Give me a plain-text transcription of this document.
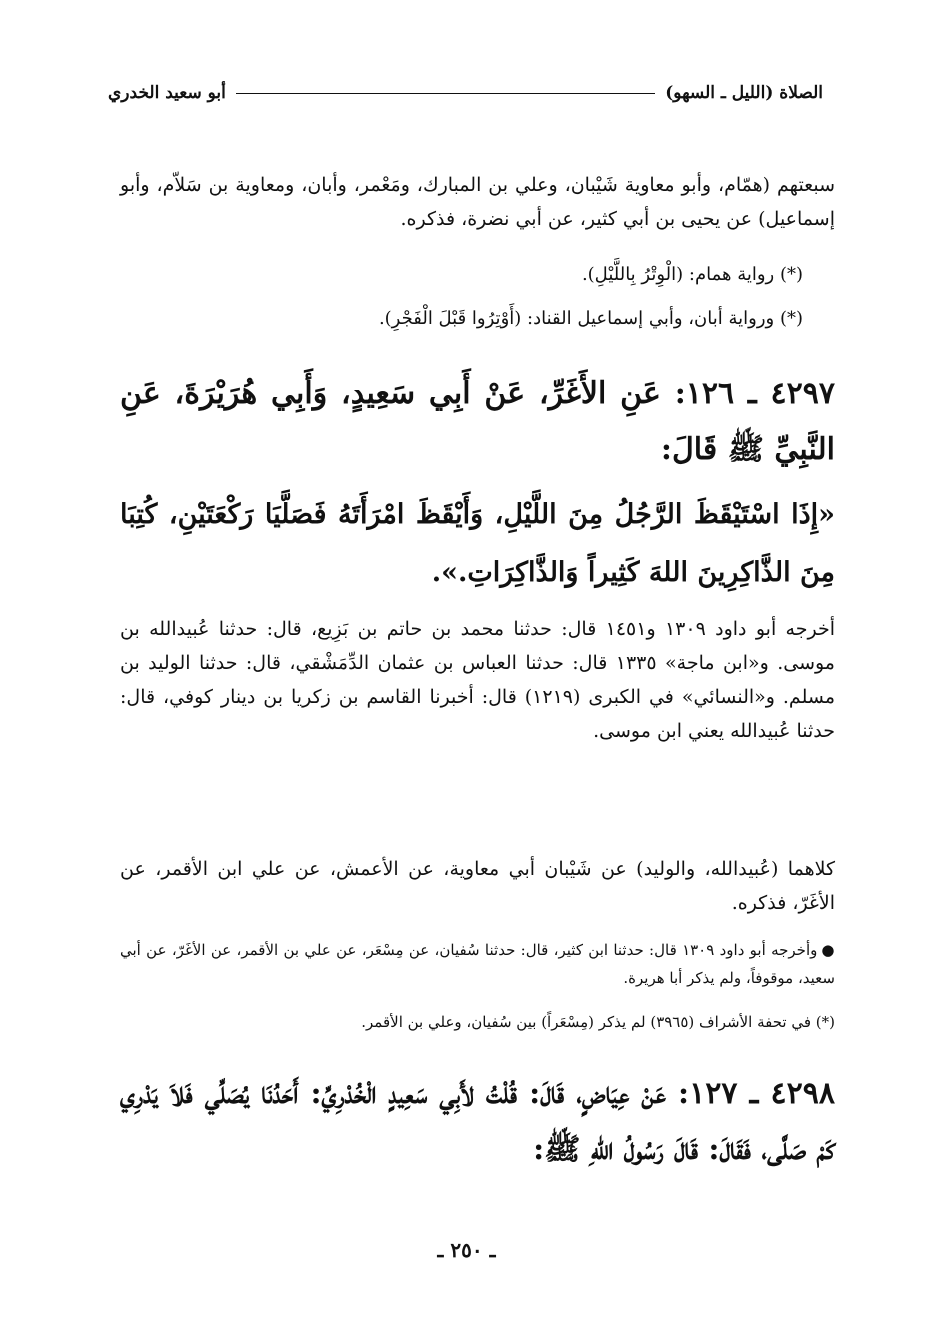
الصلاة (الليل ـ السهو)
أبو سعيد الخدري
سبعتهم (همّام، وأبو معاوية شَيْبان، وعلي بن المبارك، ومَعْمر، وأبان، ومعاوية بن سَلاّم، وأبو إسماعيل) عن يحيى بن أبي كثير، عن أبي نضرة، فذكره.
(*) رواية همام: (الْوِتْرُ بِاللَّيْلِ).
(*) ورواية أبان، وأبي إسماعيل القناد: (أَوْتِرُوا قَبْلَ الْفَجْرِ).
٤٢٩٧ ـ ١٢٦: عَنِ الأَغَرِّ، عَنْ أَبِي سَعِيدٍ، وَأَبِي هُرَيْرَةَ، عَنِ النَّبِيِّ ﷺ قَالَ:
«إِذَا اسْتَيْقَظَ الرَّجُلُ مِنَ اللَّيْلِ، وَأَيْقَظَ امْرَأَتَهُ فَصَلَّيَا رَكْعَتَيْنِ، كُتِبَا مِنَ الذَّاكِرِينَ اللهَ كَثِيراً وَالذَّاكِرَاتِ.».
أخرجه أبو داود ١٣٠٩ و١٤٥١ قال: حدثنا محمد بن حاتم بن بَزِيع، قال: حدثنا عُبيدالله بن موسى. و«ابن ماجة» ١٣٣٥ قال: حدثنا العباس بن عثمان الدِّمَشْقي، قال: حدثنا الوليد بن مسلم. و«النسائي» في الكبرى (١٢١٩) قال: أخبرنا القاسم بن زكريا بن دينار كوفي، قال: حدثنا عُبيدالله يعني ابن موسى.
كلاهما (عُبيدالله، والوليد) عن شَيْبان أبي معاوية، عن الأعمش، عن علي ابن الأقمر، عن الأغَرّ، فذكره.
●وأخرجه أبو داود ١٣٠٩ قال: حدثنا ابن كثير، قال: حدثنا سُفيان، عن مِسْعَر، عن علي بن الأقمر، عن الأغَرّ، عن أبي سعيد، موقوفاً، ولم يذكر أبا هريرة.
(*) في تحفة الأشراف (٣٩٦٥) لم يذكر (مِسْعَراً) بين سُفيان، وعلي بن الأقمر.
٤٢٩٨ ـ ١٢٧: عَنْ عِيَاضٍ، قَالَ: قُلْتُ لأَبِي سَعِيدٍ الْخُدْرِيِّ: أَحَدُنَا يُصَلِّي فَلاَ يَدْرِي كَمْ صَلَّى، فَقَالَ: قَالَ رَسُولُ اللهِ ﷺ:
ـ ٢٥٠ ـ
